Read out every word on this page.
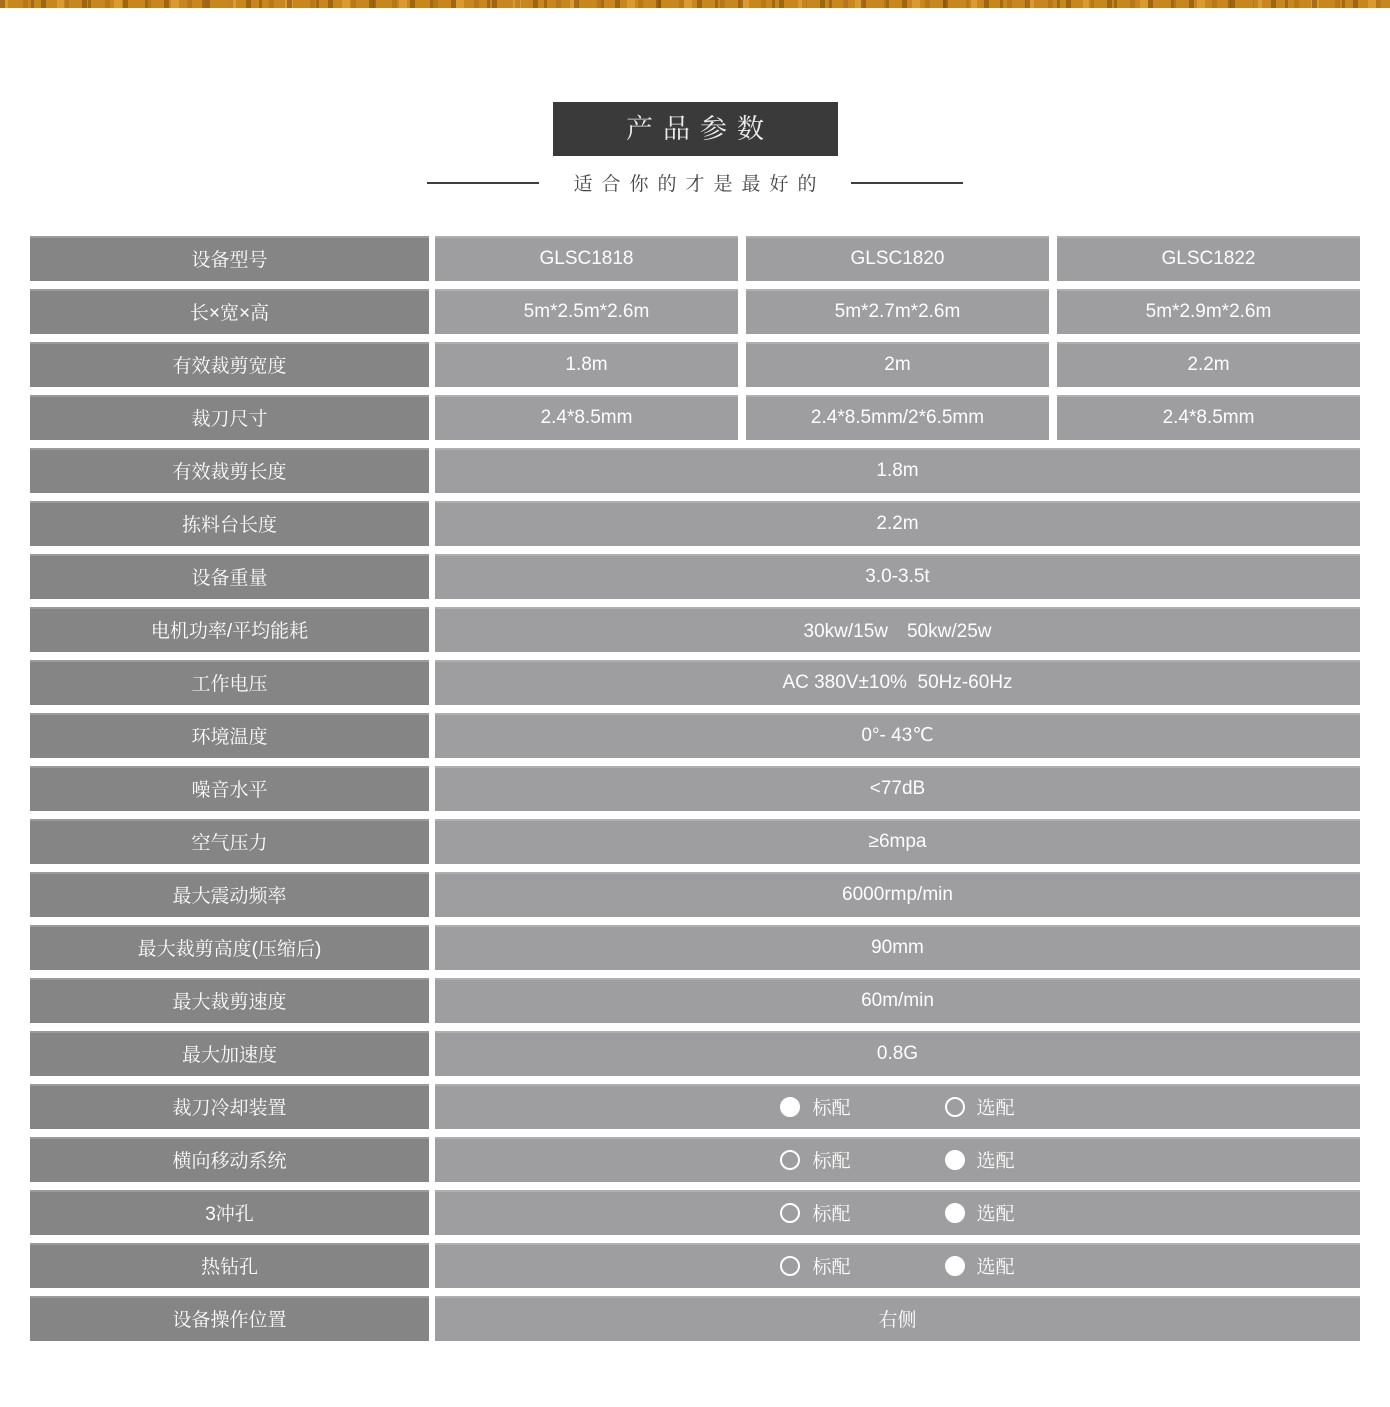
产品参数
适合你的才是最好的
设备型号	GLSC1818	GLSC1820	GLSC1822
长×宽×高	5m*2.5m*2.6m	5m*2.7m*2.6m	5m*2.9m*2.6m
有效裁剪宽度	1.8m	2m	2.2m
裁刀尺寸	2.4*8.5mm	2.4*8.5mm/2*6.5mm	2.4*8.5mm
有效裁剪长度	1.8m
拣料台长度	2.2m
设备重量	3.0-3.5t
电机功率/平均能耗	30kw/15w　50kw/25w
工作电压	AC 380V±10%  50Hz-60Hz
环境温度	0°- 43℃
噪音水平	<77dB
空气压力	≥6mpa
最大震动频率	6000rmp/min
最大裁剪高度(压缩后)	90mm
最大裁剪速度	60m/min
最大加速度	0.8G
裁刀冷却装置	标配	选配
横向移动系统	标配	选配
3冲孔	标配	选配
热钻孔	标配	选配
设备操作位置	右侧
